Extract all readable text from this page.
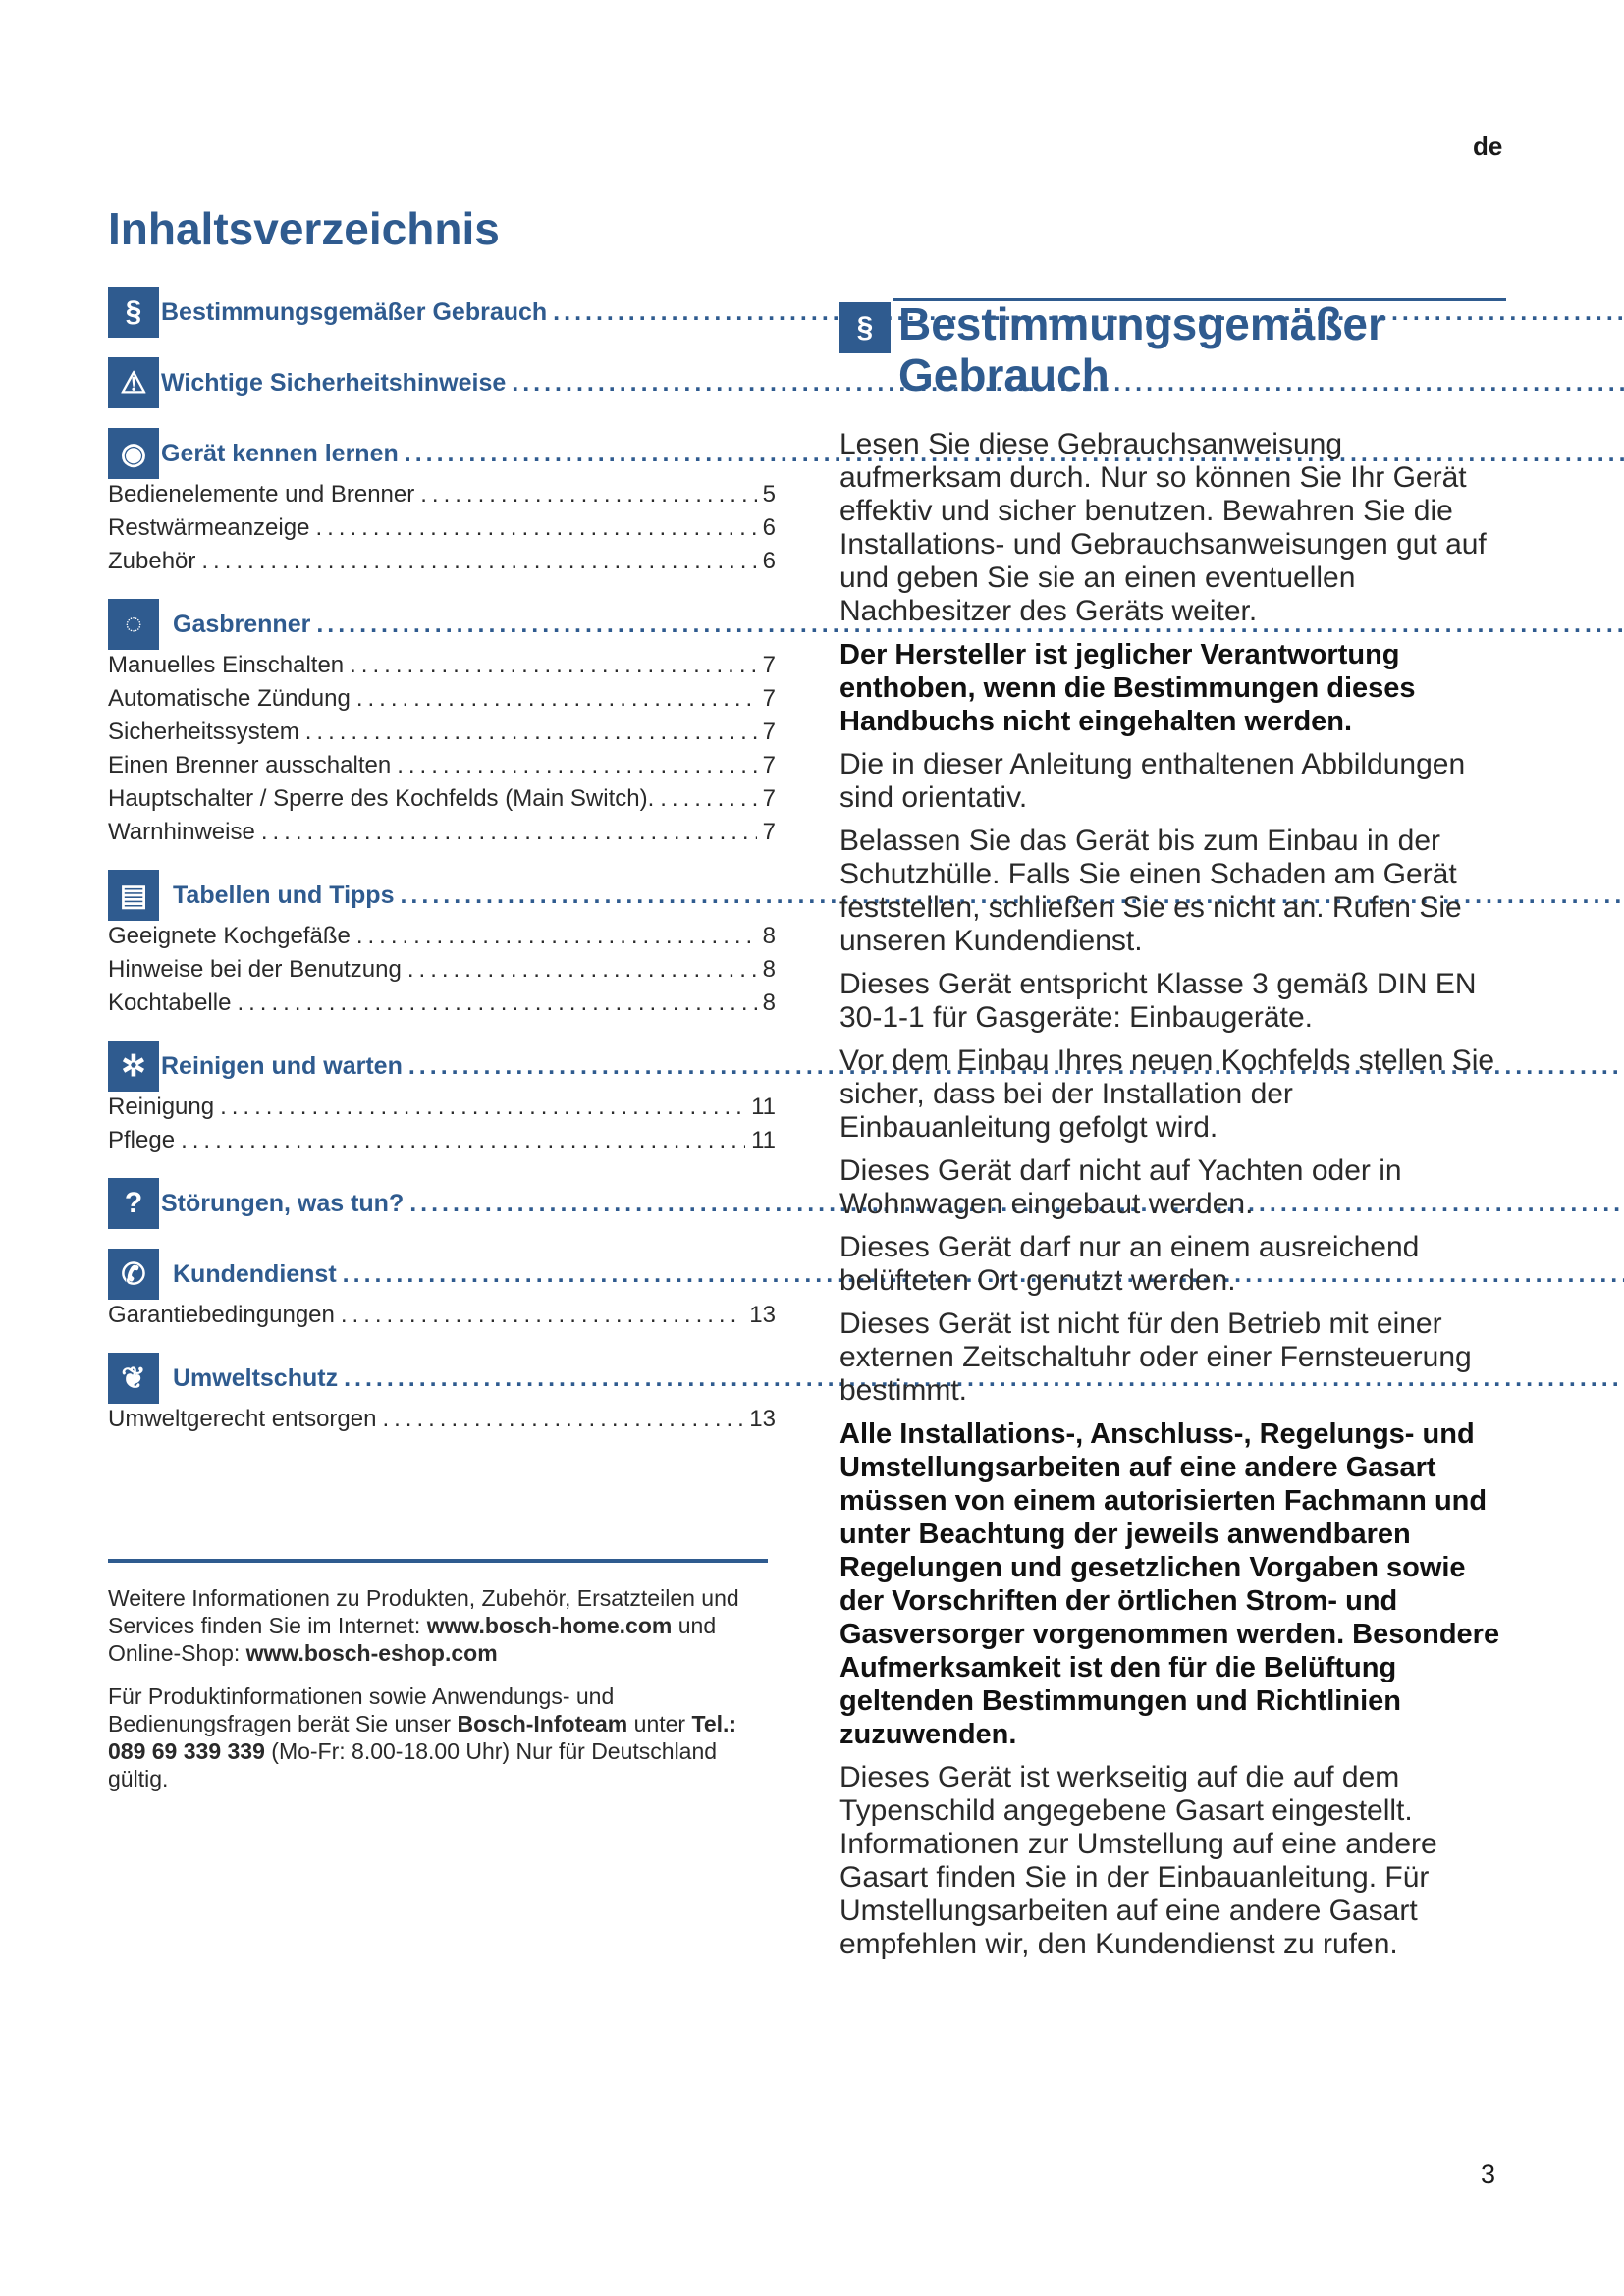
de
Inhaltsverzeichnis
§ Bestimmungsgemäßer Gebrauch
.....
⚠ Wichtige Sicherheitshinweise
.....
◉ Gerät kennen lernen
.....
Bedienelemente und Brenner .....	5
Restwärmeanzeige .....	6
Zubehör .....	6
◌	Gasbrenner
.....
Manuelles Einschalten .....	7
Automatische Zündung .....	7
Sicherheitssystem .....	7
Einen Brenner ausschalten .....	7
Hauptschalter / Sperre des Kochfelds (Main Switch). .....	7
Warnhinweise .....	7
▤	Tabellen und Tipps
.....
Geeignete Kochgefäße .....	8
Hinweise bei der Benutzung .....	8
Kochtabelle .....	8
✲ Reinigen und warten
.....
Reinigung .....	11
Pflege .....	11
? Störungen, was tun?
.....
✆	Kundendienst
.....
Garantiebedingungen .....	13
❦	Umweltschutz
.....
Umweltgerecht entsorgen .....	13

Weitere Informationen zu Produkten, Zubehör, Ersatzteilen und Services finden Sie im Internet: www.bosch-home.com und Online-Shop: www.bosch-eshop.com

Für Produktinformationen sowie Anwendungs- und Bedienungsfragen berät Sie unser Bosch-Infoteam unter Tel.: 089 69 339 339 (Mo-Fr: 8.00-18.00 Uhr) Nur für Deutschland gültig.

§ Bestimmungsgemäßer Gebrauch

Lesen Sie diese Gebrauchsanweisung aufmerksam durch. Nur so können Sie Ihr Gerät effektiv und sicher benutzen. Bewahren Sie die Installations- und Gebrauchsanweisungen gut auf und geben Sie sie an einen eventuellen Nachbesitzer des Geräts weiter.

Der Hersteller ist jeglicher Verantwortung enthoben, wenn die Bestimmungen dieses Handbuchs nicht eingehalten werden.

Die in dieser Anleitung enthaltenen Abbildungen sind orientativ.

Belassen Sie das Gerät bis zum Einbau in der Schutzhülle. Falls Sie einen Schaden am Gerät feststellen, schließen Sie es nicht an. Rufen Sie unseren Kundendienst.

Dieses Gerät entspricht Klasse 3 gemäß DIN EN 30-1-1 für Gasgeräte: Einbaugeräte.

Vor dem Einbau Ihres neuen Kochfelds stellen Sie sicher, dass bei der Installation der Einbauanleitung gefolgt wird.

Dieses Gerät darf nicht auf Yachten oder in Wohnwagen eingebaut werden.

Dieses Gerät darf nur an einem ausreichend belüfteten Ort genutzt werden.

Dieses Gerät ist nicht für den Betrieb mit einer externen Zeitschaltuhr oder einer Fernsteuerung bestimmt.

Alle Installations-, Anschluss-, Regelungs- und Umstellungsarbeiten auf eine andere Gasart müssen von einem autorisierten Fachmann und unter Beachtung der jeweils anwendbaren Regelungen und gesetzlichen Vorgaben sowie der Vorschriften der örtlichen Strom- und Gasversorger vorgenommen werden. Besondere Aufmerksamkeit ist den für die Belüftung geltenden Bestimmungen und Richtlinien zuzuwenden.

Dieses Gerät ist werkseitig auf die auf dem Typenschild angegebene Gasart eingestellt. Informationen zur Umstellung auf eine andere Gasart finden Sie in der Einbauanleitung. Für Umstellungsarbeiten auf eine andere Gasart empfehlen wir, den Kundendienst zu rufen.

3
